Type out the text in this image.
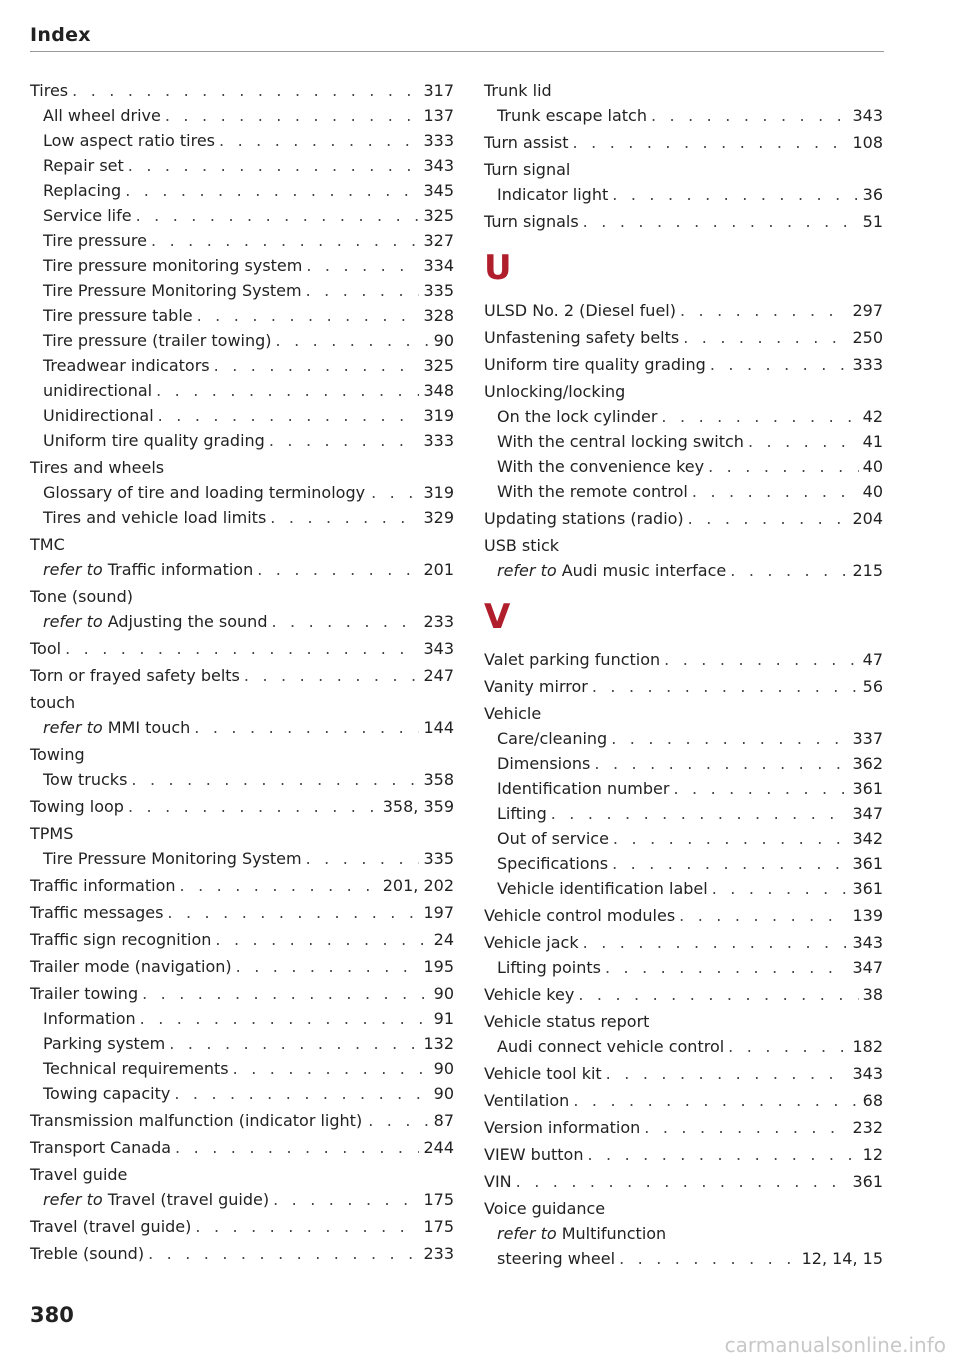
Index
Tires . . .	317
All wheel drive . . .	137
Low aspect ratio tires . . .	333
Repair set . . .	343
Replacing . . .	345
Service life . . .	325
Tire pressure . . .	327
Tire pressure monitoring system . . .	334
Tire Pressure Monitoring System . . .	335
Tire pressure table . . .	328
Tire pressure (trailer towing) . . .	90
Treadwear indicators . . .	325
unidirectional . . .	348
Unidirectional . . .	319
Uniform tire quality grading . . .	333
Tires and wheels
Glossary of tire and loading terminology . . .	319
Tires and vehicle load limits . . .	329
TMC
refer to Traffic information . . .	201
Tone (sound)
refer to Adjusting the sound . . .	233
Tool . . .	343
Torn or frayed safety belts . . .	247
touch
refer to MMI touch . . .	144
Towing
Tow trucks . . .	358
Towing loop . . .	358, 359
TPMS
Tire Pressure Monitoring System . . .	335
Traffic information . . .	201, 202
Traffic messages . . .	197
Traffic sign recognition . . .	24
Trailer mode (navigation) . . .	195
Trailer towing . . .	90
Information . . .	91
Parking system . . .	132
Technical requirements . . .	90
Towing capacity . . .	90
Transmission malfunction (indicator light) . . .	87
Transport Canada . . .	244
Travel guide
refer to Travel (travel guide) . . .	175
Travel (travel guide) . . .	175
Treble (sound) . . .	233
Trunk lid
Trunk escape latch . . .	343
Turn assist . . .	108
Turn signal
Indicator light . . .	36
Turn signals . . .	51
U
ULSD No. 2 (Diesel fuel) . . .	297
Unfastening safety belts . . .	250
Uniform tire quality grading . . .	333
Unlocking/locking
On the lock cylinder . . .	42
With the central locking switch . . .	41
With the convenience key . . .	40
With the remote control . . .	40
Updating stations (radio) . . .	204
USB stick
refer to Audi music interface . . .	215
V
Valet parking function . . .	47
Vanity mirror . . .	56
Vehicle
Care/cleaning . . .	337
Dimensions . . .	362
Identification number . . .	361
Lifting . . .	347
Out of service . . .	342
Specifications . . .	361
Vehicle identification label . . .	361
Vehicle control modules . . .	139
Vehicle jack . . .	343
Lifting points . . .	347
Vehicle key . . .	38
Vehicle status report
Audi connect vehicle control . . .	182
Vehicle tool kit . . .	343
Ventilation . . .	68
Version information . . .	232
VIEW button . . .	12
VIN . . .	361
Voice guidance
refer to Multifunction
steering wheel . . .	12, 14, 15
380
carmanualsonline.info
